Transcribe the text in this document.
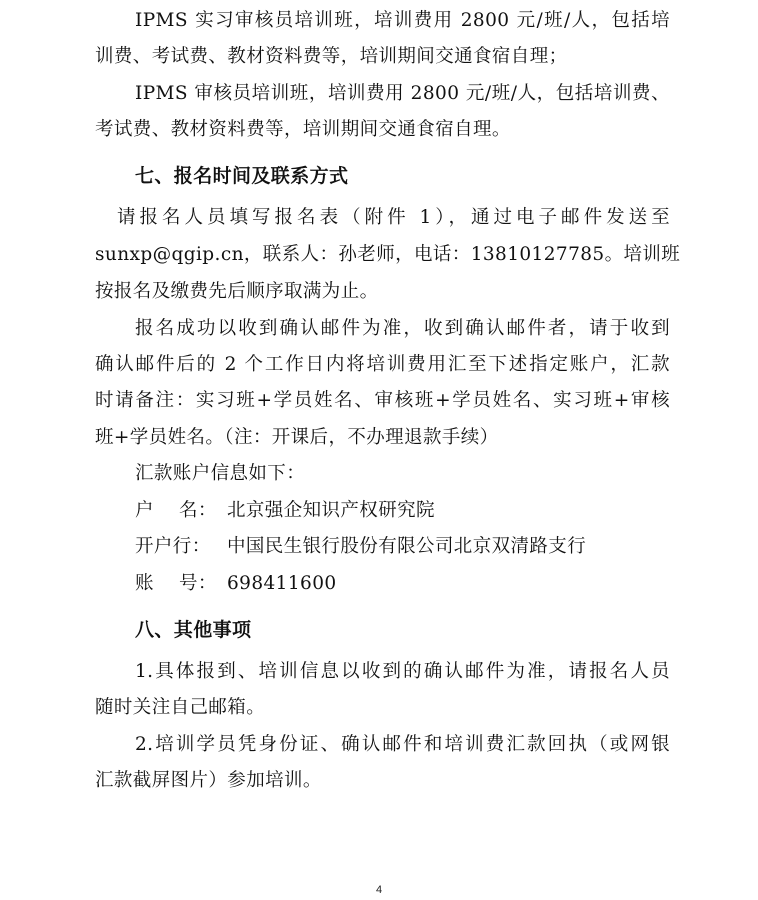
IPMS 实习审核员培训班，培训费用 2800 元/班/人，包括培
训费、考试费、教材资料费等，培训期间交通食宿自理；
IPMS 审核员培训班，培训费用 2800 元/班/人，包括培训费、
考试费、教材资料费等，培训期间交通食宿自理。
七、报名时间及联系方式
请报名人员填写报名表（附件 1），通过电子邮件发送至
sunxp@qgip.cn，联系人：孙老师，电话：13810127785。培训班
按报名及缴费先后顺序取满为止。
报名成功以收到确认邮件为准，收到确认邮件者，请于收到
确认邮件后的 2 个工作日内将培训费用汇至下述指定账户，汇款
时请备注：实习班+学员姓名、审核班+学员姓名、实习班+审核
班+学员姓名。（注：开课后，不办理退款手续）
汇款账户信息如下：
户    名： 北京强企知识产权研究院
开户行： 中国民生银行股份有限公司北京双清路支行
账    号： 698411600
八、其他事项
1.具体报到、培训信息以收到的确认邮件为准，请报名人员
随时关注自己邮箱。
2.培训学员凭身份证、确认邮件和培训费汇款回执（或网银
汇款截屏图片）参加培训。
4
